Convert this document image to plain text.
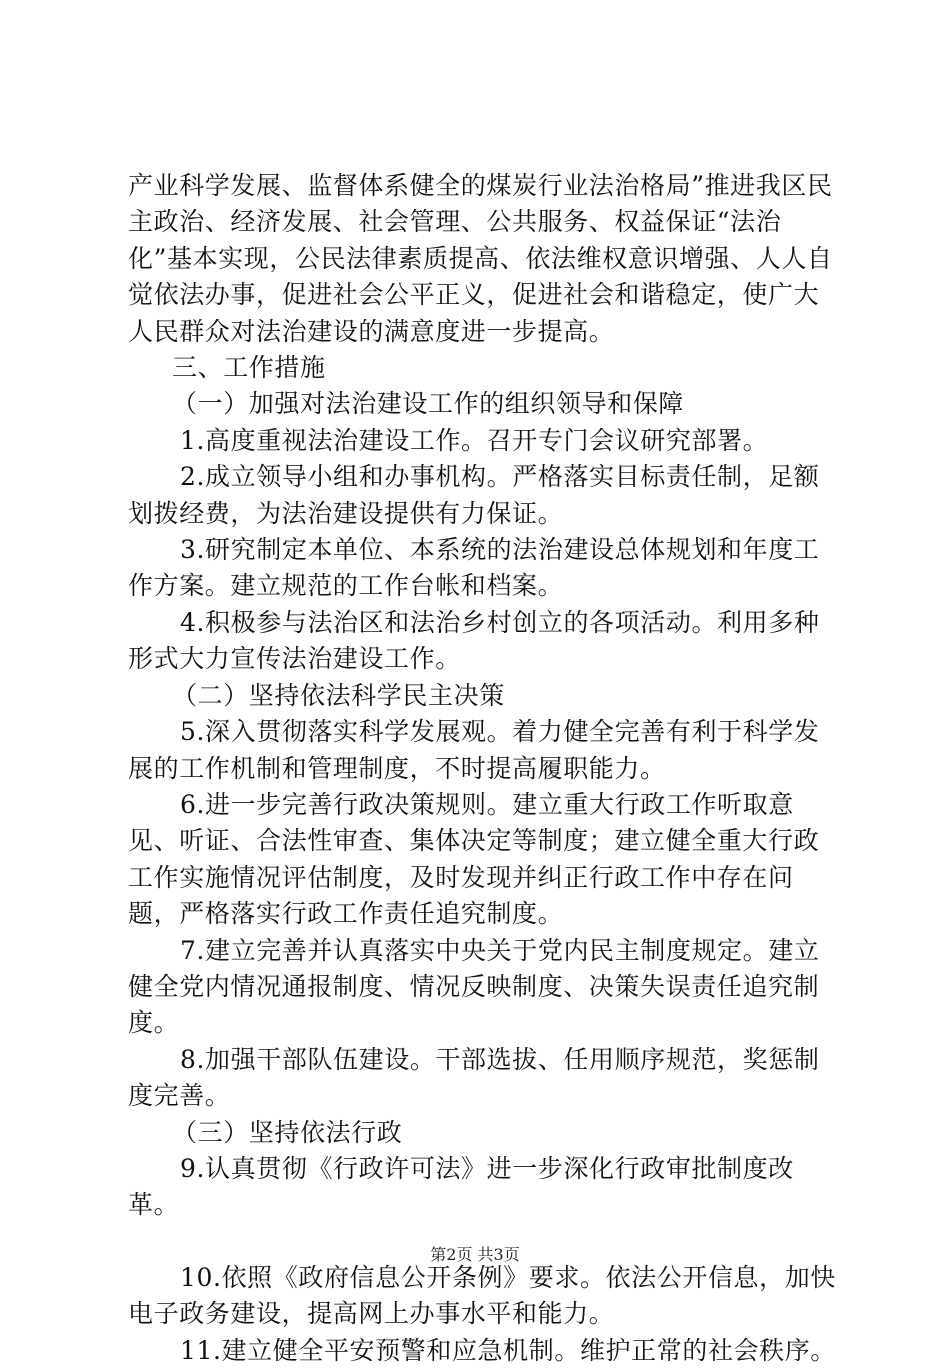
产业科学发展、监督体系健全的煤炭行业法治格局”推进我区民主政治、经济发展、社会管理、公共服务、权益保证“法治化”基本实现，公民法律素质提高、依法维权意识增强、人人自觉依法办事，促进社会公平正义，促进社会和谐稳定，使广大人民群众对法治建设的满意度进一步提高。

三、工作措施

（一）加强对法治建设工作的组织领导和保障

1.高度重视法治建设工作。召开专门会议研究部署。

2.成立领导小组和办事机构。严格落实目标责任制，足额划拨经费，为法治建设提供有力保证。

3.研究制定本单位、本系统的法治建设总体规划和年度工作方案。建立规范的工作台帐和档案。

4.积极参与法治区和法治乡村创立的各项活动。利用多种形式大力宣传法治建设工作。

（二）坚持依法科学民主决策

5.深入贯彻落实科学发展观。着力健全完善有利于科学发展的工作机制和管理制度，不时提高履职能力。

6.进一步完善行政决策规则。建立重大行政工作听取意见、听证、合法性审查、集体决定等制度；建立健全重大行政工作实施情况评估制度，及时发现并纠正行政工作中存在问题，严格落实行政工作责任追究制度。

7.建立完善并认真落实中央关于党内民主制度规定。建立健全党内情况通报制度、情况反映制度、决策失误责任追究制度。

8.加强干部队伍建设。干部选拔、任用顺序规范，奖惩制度完善。

（三）坚持依法行政

9.认真贯彻《行政许可法》进一步深化行政审批制度改革。

10.依照《政府信息公开条例》要求。依法公开信息，加快电子政务建设，提高网上办事水平和能力。

11.建立健全平安预警和应急机制。维护正常的社会秩序。

第2页 共3页
